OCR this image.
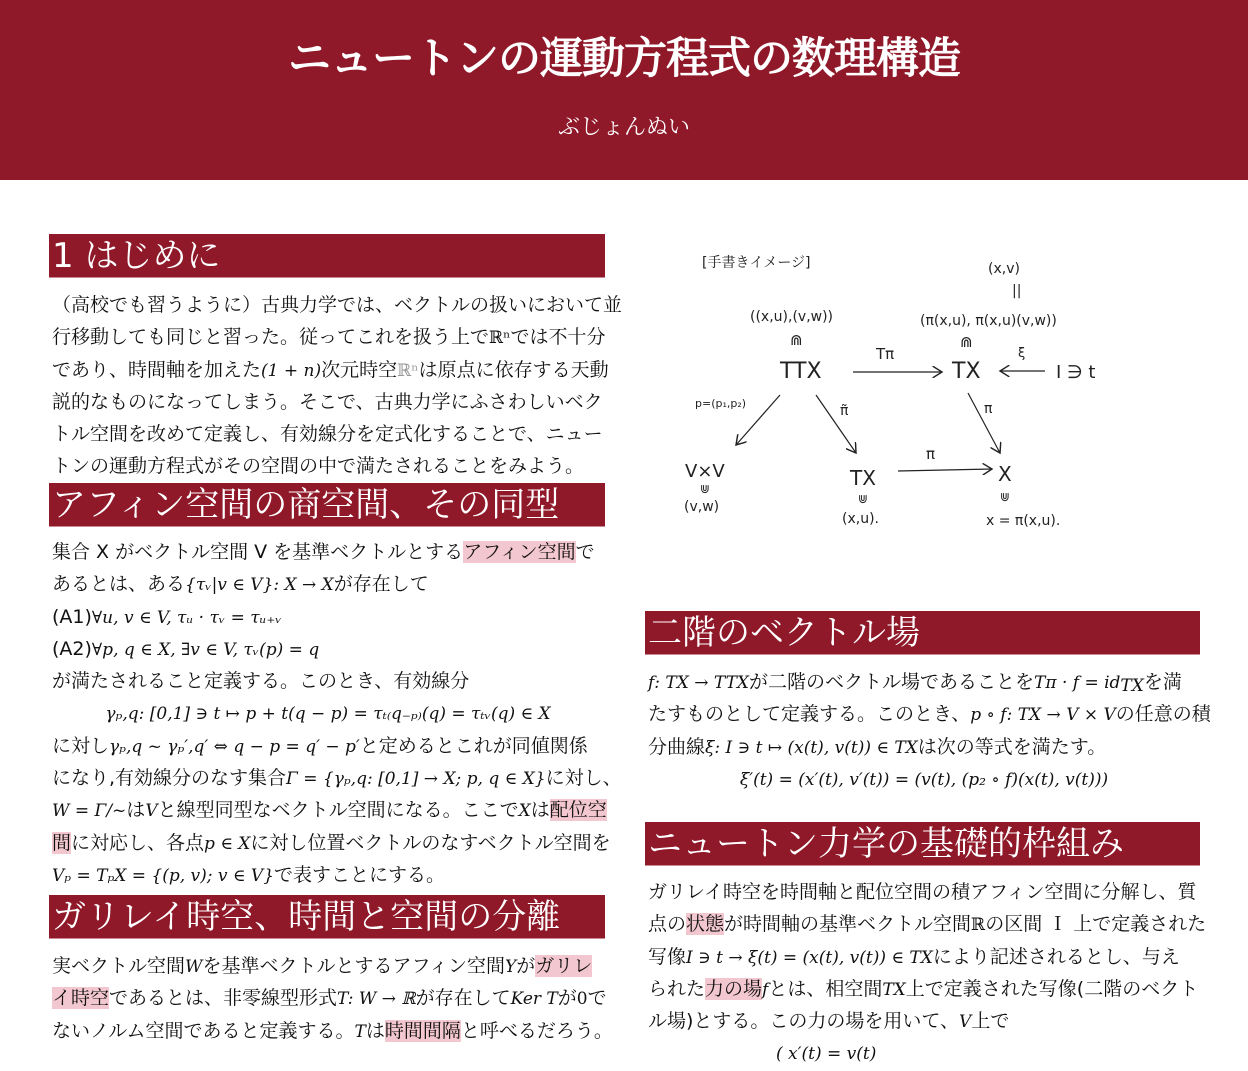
ニュートンの運動方程式の数理構造
ぶじょんぬい
1 はじめに
（高校でも習うように）古典力学では、ベクトルの扱いにおいて並
行移動しても同じと習った。従ってこれを扱う上でℝⁿでは不十分
であり、時間軸を加えた(1 + n)次元時空ℝⁿは原点に依存する天動
説的なものになってしまう。そこで、古典力学にふさわしいベク
トル空間を改めて定義し、有効線分を定式化することで、ニュー
トンの運動方程式がその空間の中で満たされることをみよう。
アフィン空間の商空間、その同型
集合 X がベクトル空間 V を基準ベクトルとするアフィン空間で
あるとは、ある{τᵥ|v ∈ V}: X → Xが存在して
(A1)∀u, v ∈ V, τᵤ · τᵥ = τᵤ₊ᵥ
(A2)∀p, q ∈ X, ∃v ∈ V, τᵥ(p) = q
が満たされること定義する。このとき、有効線分
γₚ,q: [0,1] ∋ t ↦ p + t(q − p) = τₜ₍q₋ₚ₎(q) = τₜᵥ(q) ∈ X
に対しγₚ,q ~ γₚ′,q′ ⇔ q − p = q′ − p′と定めるとこれが同値関係
になり,有効線分のなす集合Γ = {γₚ,q: [0,1] → X; p, q ∈ X}に対し、
W = Γ/~はVと線型同型なベクトル空間になる。ここでXは配位空
間に対応し、各点p ∈ Xに対し位置ベクトルのなすベクトル空間を
Vₚ = TₚX = {(p, v); v ∈ V}で表すことにする。
ガリレイ時空、時間と空間の分離
実ベクトル空間Wを基準ベクトルとするアフィン空間Yがガリレ
イ時空であるとは、非零線型形式T: W → ℝが存在してKer Tが0で
ないノルム空間であると定義する。Tは時間間隔と呼べるだろう。
[手書きイメージ]	(x,v)
||
((x,u),(v,w))	(π(x,u), π(x,u)(v,w))
⋒	⋒
TTX	TX	I ∋ t
Tπ	ξ
p=(p₁,p₂)	π̃	π
V×V
⋓
(v,w)
TX
⋓
(x,u).
π
X
⋓
x = π(x,u).
二階のベクトル場
f: TX → TTXが二階のベクトル場であることを$T\pi \cdot f = id_{TX}$を満
たすものとして定義する。このとき、p ∘ f: TX → V × Vの任意の積
分曲線ξ: I ∋ t ↦ (x(t), v(t)) ∈ TXは次の等式を満たす。
ξ′(t) = (x′(t), v′(t)) = (v(t), (p₂ ∘ f)(x(t), v(t)))
ニュートン力学の基礎的枠組み
ガリレイ時空を時間軸と配位空間の積アフィン空間に分解し、質
点の状態が時間軸の基準ベクトル空間ℝの区間 Ｉ 上で定義された
写像I ∋ t → ξ(t) = (x(t), v(t)) ∈ TXにより記述されるとし、与え
られた力の場fとは、相空間TX上で定義された写像(二階のベクト
ル場)とする。この力の場を用いて、V上で
( x′(t) = v(t)
